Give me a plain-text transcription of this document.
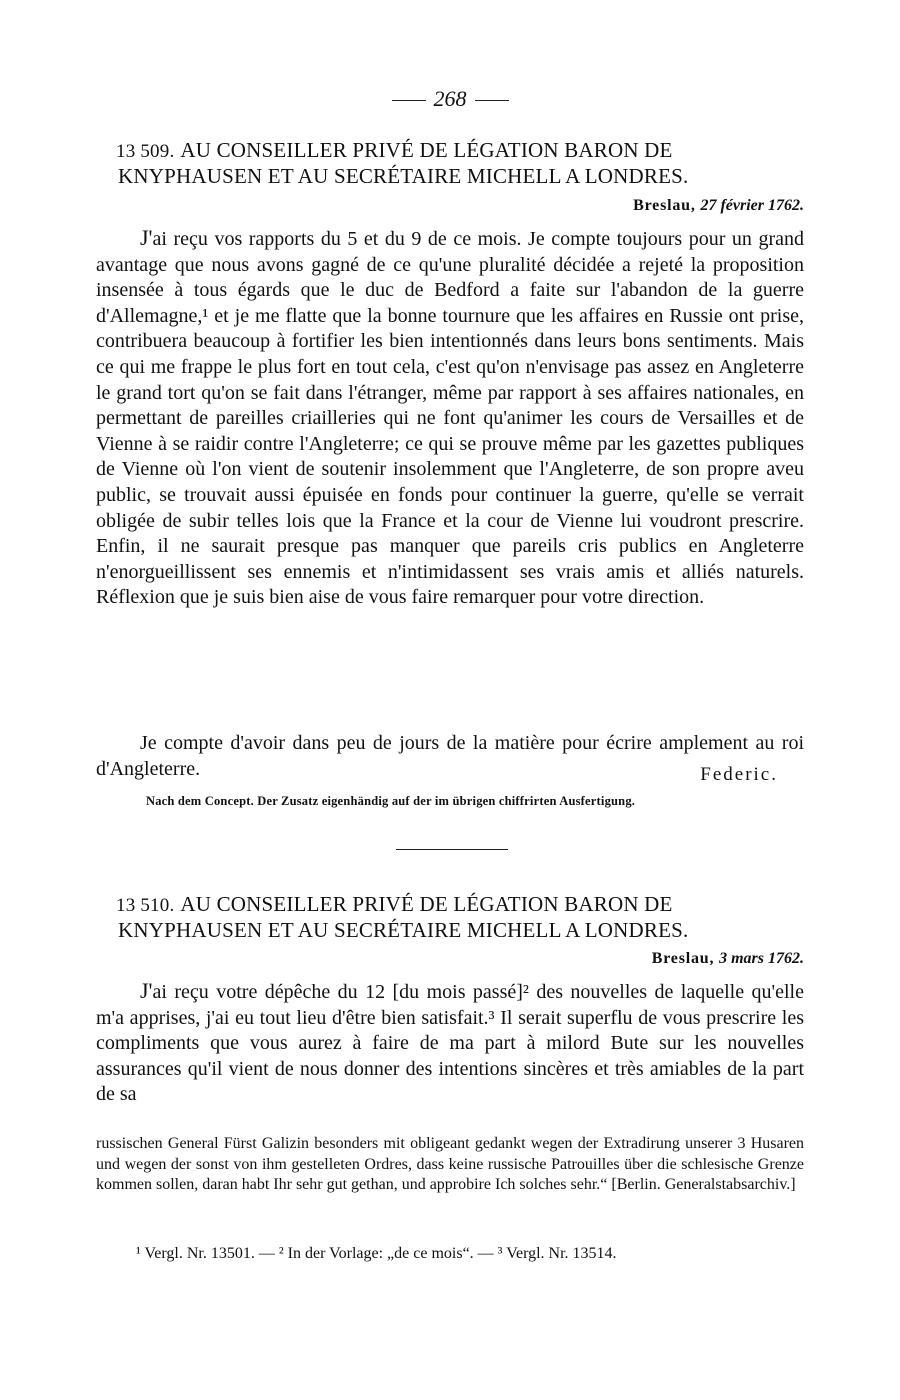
268
13 509. AU CONSEILLER PRIVÉ DE LÉGATION BARON DE
KNYPHAUSEN ET AU SECRÉTAIRE MICHELL A LONDRES.
Breslau, 27 février 1762.

J'ai reçu vos rapports du 5 et du 9 de ce mois. Je compte toujours pour un grand avantage que nous avons gagné de ce qu'une pluralité décidée a rejeté la proposition insensée à tous égards que le duc de Bedford a faite sur l'abandon de la guerre d'Allemagne,¹ et je me flatte que la bonne tournure que les affaires en Russie ont prise, contribuera beaucoup à fortifier les bien intentionnés dans leurs bons sentiments. Mais ce qui me frappe le plus fort en tout cela, c'est qu'on n'envisage pas assez en Angleterre le grand tort qu'on se fait dans l'étranger, même par rapport à ses affaires nationales, en permettant de pareilles criailleries qui ne font qu'animer les cours de Versailles et de Vienne à se raidir contre l'Angleterre; ce qui se prouve même par les gazettes publiques de Vienne où l'on vient de soutenir insolemment que l'Angleterre, de son propre aveu public, se trouvait aussi épuisée en fonds pour continuer la guerre, qu'elle se verrait obligée de subir telles lois que la France et la cour de Vienne lui voudront prescrire. Enfin, il ne saurait presque pas manquer que pareils cris publics en Angleterre n'enorgueillissent ses ennemis et n'intimidassent ses vrais amis et alliés naturels. Réflexion que je suis bien aise de vous faire remarquer pour votre direction.

Je compte d'avoir dans peu de jours de la matière pour écrire amplement au roi d'Angleterre.	Federic.
Nach dem Concept. Der Zusatz eigenhändig auf der im übrigen chiffrirten Ausfertigung.
13 510. AU CONSEILLER PRIVÉ DE LÉGATION BARON DE
KNYPHAUSEN ET AU SECRÉTAIRE MICHELL A LONDRES.
Breslau, 3 mars 1762.

J'ai reçu votre dépêche du 12 [du mois passé]² des nouvelles de laquelle qu'elle m'a apprises, j'ai eu tout lieu d'être bien satisfait.³ Il serait superflu de vous prescrire les compliments que vous aurez à faire de ma part à milord Bute sur les nouvelles assurances qu'il vient de nous donner des intentions sincères et très amiables de la part de sa

russischen General Fürst Galizin besonders mit obligeant gedankt wegen der Extradirung unserer 3 Husaren und wegen der sonst von ihm gestelleten Ordres, dass keine russische Patrouilles über die schlesische Grenze kommen sollen, daran habt Ihr sehr gut gethan, und approbire Ich solches sehr.“ [Berlin. Generalstabsarchiv.]

¹ Vergl. Nr. 13501. — ² In der Vorlage: „de ce mois“. — ³ Vergl. Nr. 13514.
